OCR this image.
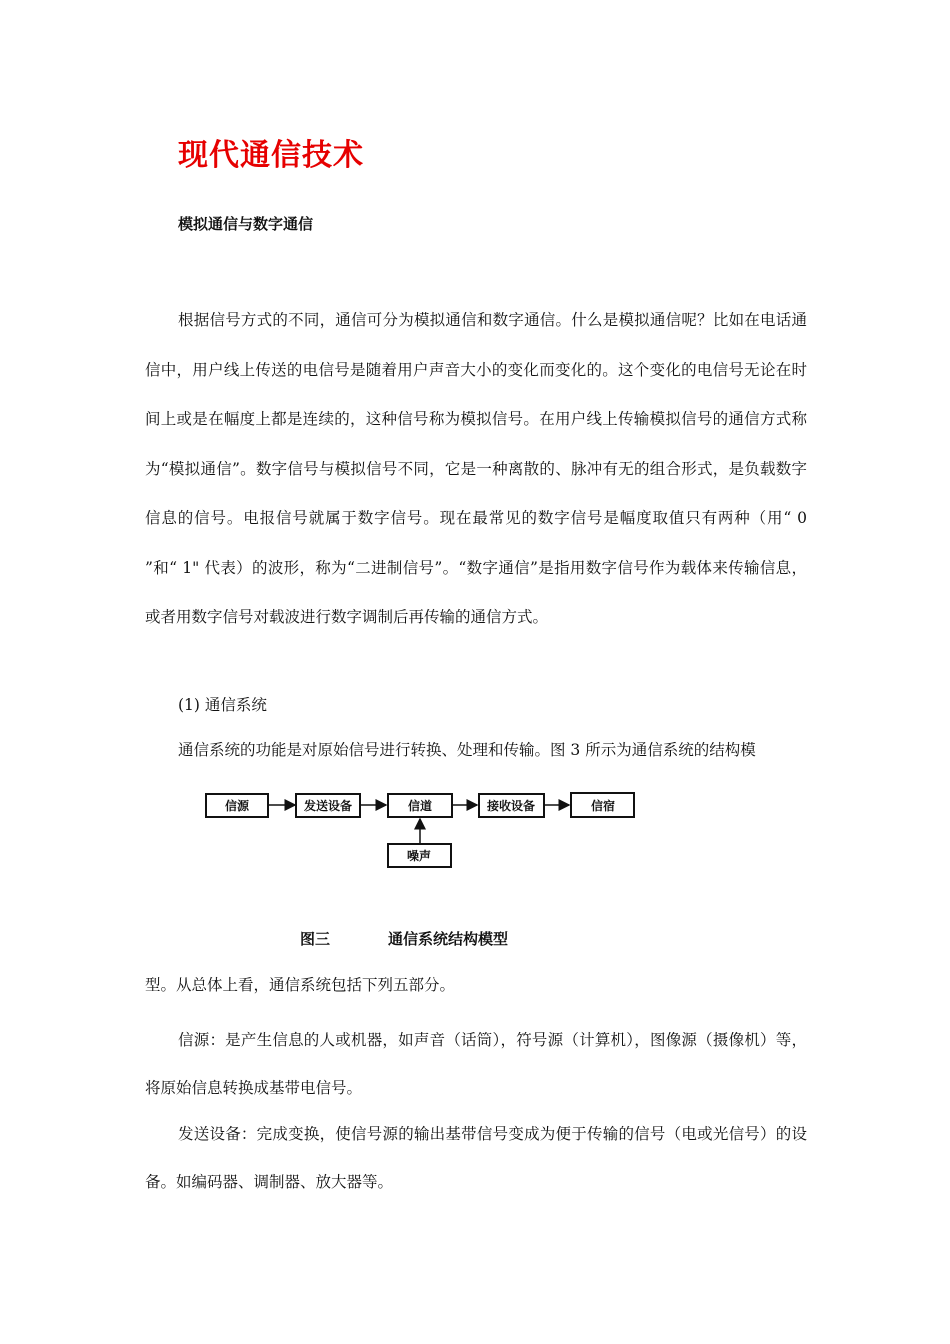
现代通信技术
模拟通信与数字通信

根据信号方式的不同，通信可分为模拟通信和数字通信。什么是模拟通信呢？比如在电话通信中，用户线上传送的电信号是随着用户声音大小的变化而变化的。这个变化的电信号无论在时间上或是在幅度上都是连续的，这种信号称为模拟信号。在用户线上传输模拟信号的通信方式称为“模拟通信”。数字信号与模拟信号不同，它是一种离散的、脉冲有无的组合形式，是负载数字信息的信号。电报信号就属于数字信号。现在最常见的数字信号是幅度取值只有两种（用“ 0 ”和“ 1" 代表）的波形，称为“二进制信号”。“数字通信”是指用数字信号作为载体来传输信息，或者用数字信号对载波进行数字调制后再传输的通信方式。

(1) 通信系统

通信系统的功能是对原始信号进行转换、处理和传输。图 3 所示为通信系统的结构模

信源	发送设备	信道	接收设备	信宿
噪声

图三	通信系统结构模型

型。从总体上看，通信系统包括下列五部分。

信源：是产生信息的人或机器，如声音（话筒），符号源（计算机），图像源（摄像机）等，将原始信息转换成基带电信号。

发送设备：完成变换，使信号源的输出基带信号变成为便于传输的信号（电或光信号）的设备。如编码器、调制器、放大器等。
